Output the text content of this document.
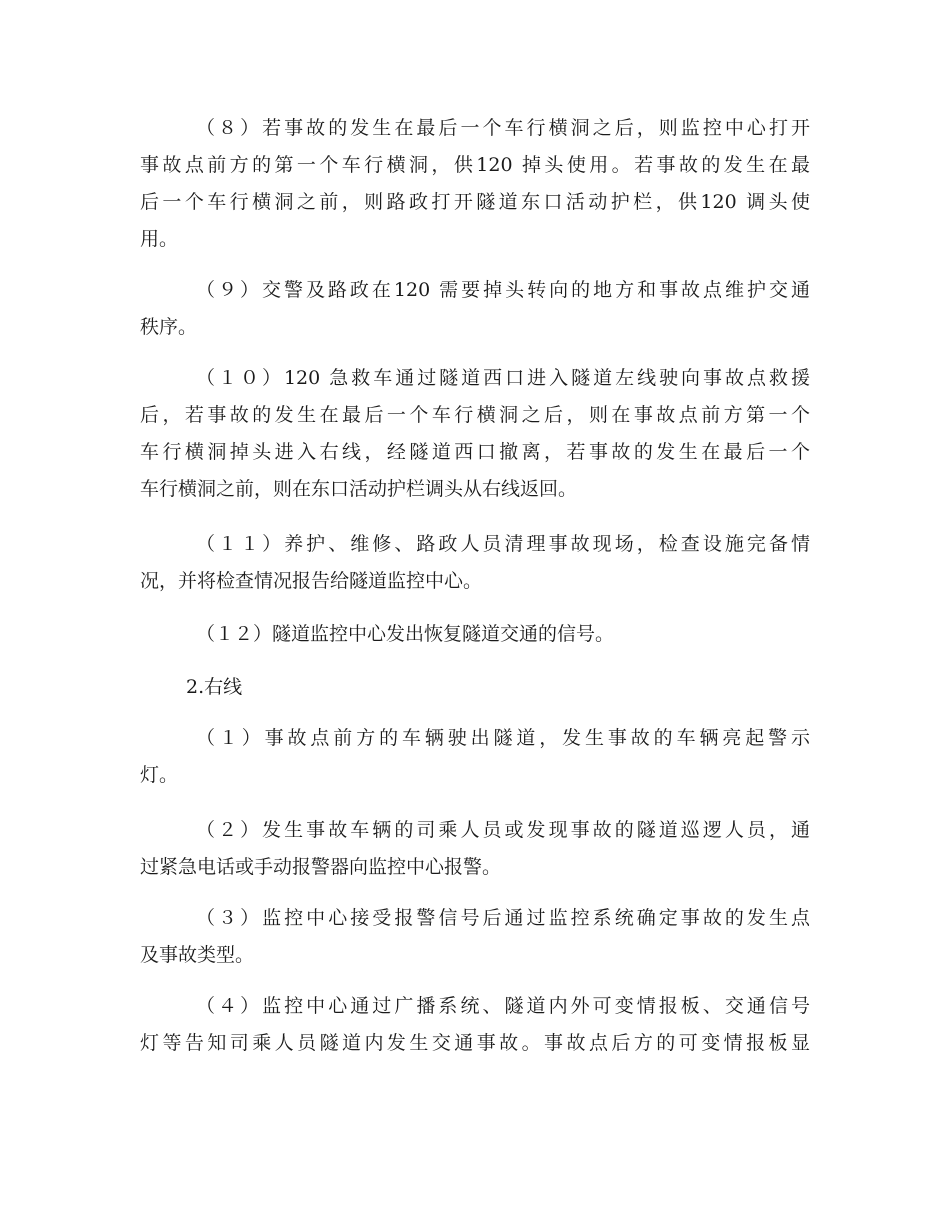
（８）若事故的发生在最后一个车行横洞之后，则监控中心打开
事故点前方的第一个车行横洞，供120 掉头使用。若事故的发生在最
后一个车行横洞之前，则路政打开隧道东口活动护栏，供120 调头使
用。
（９）交警及路政在120 需要掉头转向的地方和事故点维护交通
秩序。
（１０）120 急救车通过隧道西口进入隧道左线驶向事故点救援
后，若事故的发生在最后一个车行横洞之后，则在事故点前方第一个
车行横洞掉头进入右线，经隧道西口撤离，若事故的发生在最后一个
车行横洞之前，则在东口活动护栏调头从右线返回。
（１１）养护、维修、路政人员清理事故现场，检查设施完备情
况，并将检查情况报告给隧道监控中心。
（１２）隧道监控中心发出恢复隧道交通的信号。
2.右线
（１）事故点前方的车辆驶出隧道，发生事故的车辆亮起警示
灯。
（２）发生事故车辆的司乘人员或发现事故的隧道巡逻人员，通
过紧急电话或手动报警器向监控中心报警。
（３）监控中心接受报警信号后通过监控系统确定事故的发生点
及事故类型。
（４）监控中心通过广播系统、隧道内外可变情报板、交通信号
灯等告知司乘人员隧道内发生交通事故。事故点后方的可变情报板显
